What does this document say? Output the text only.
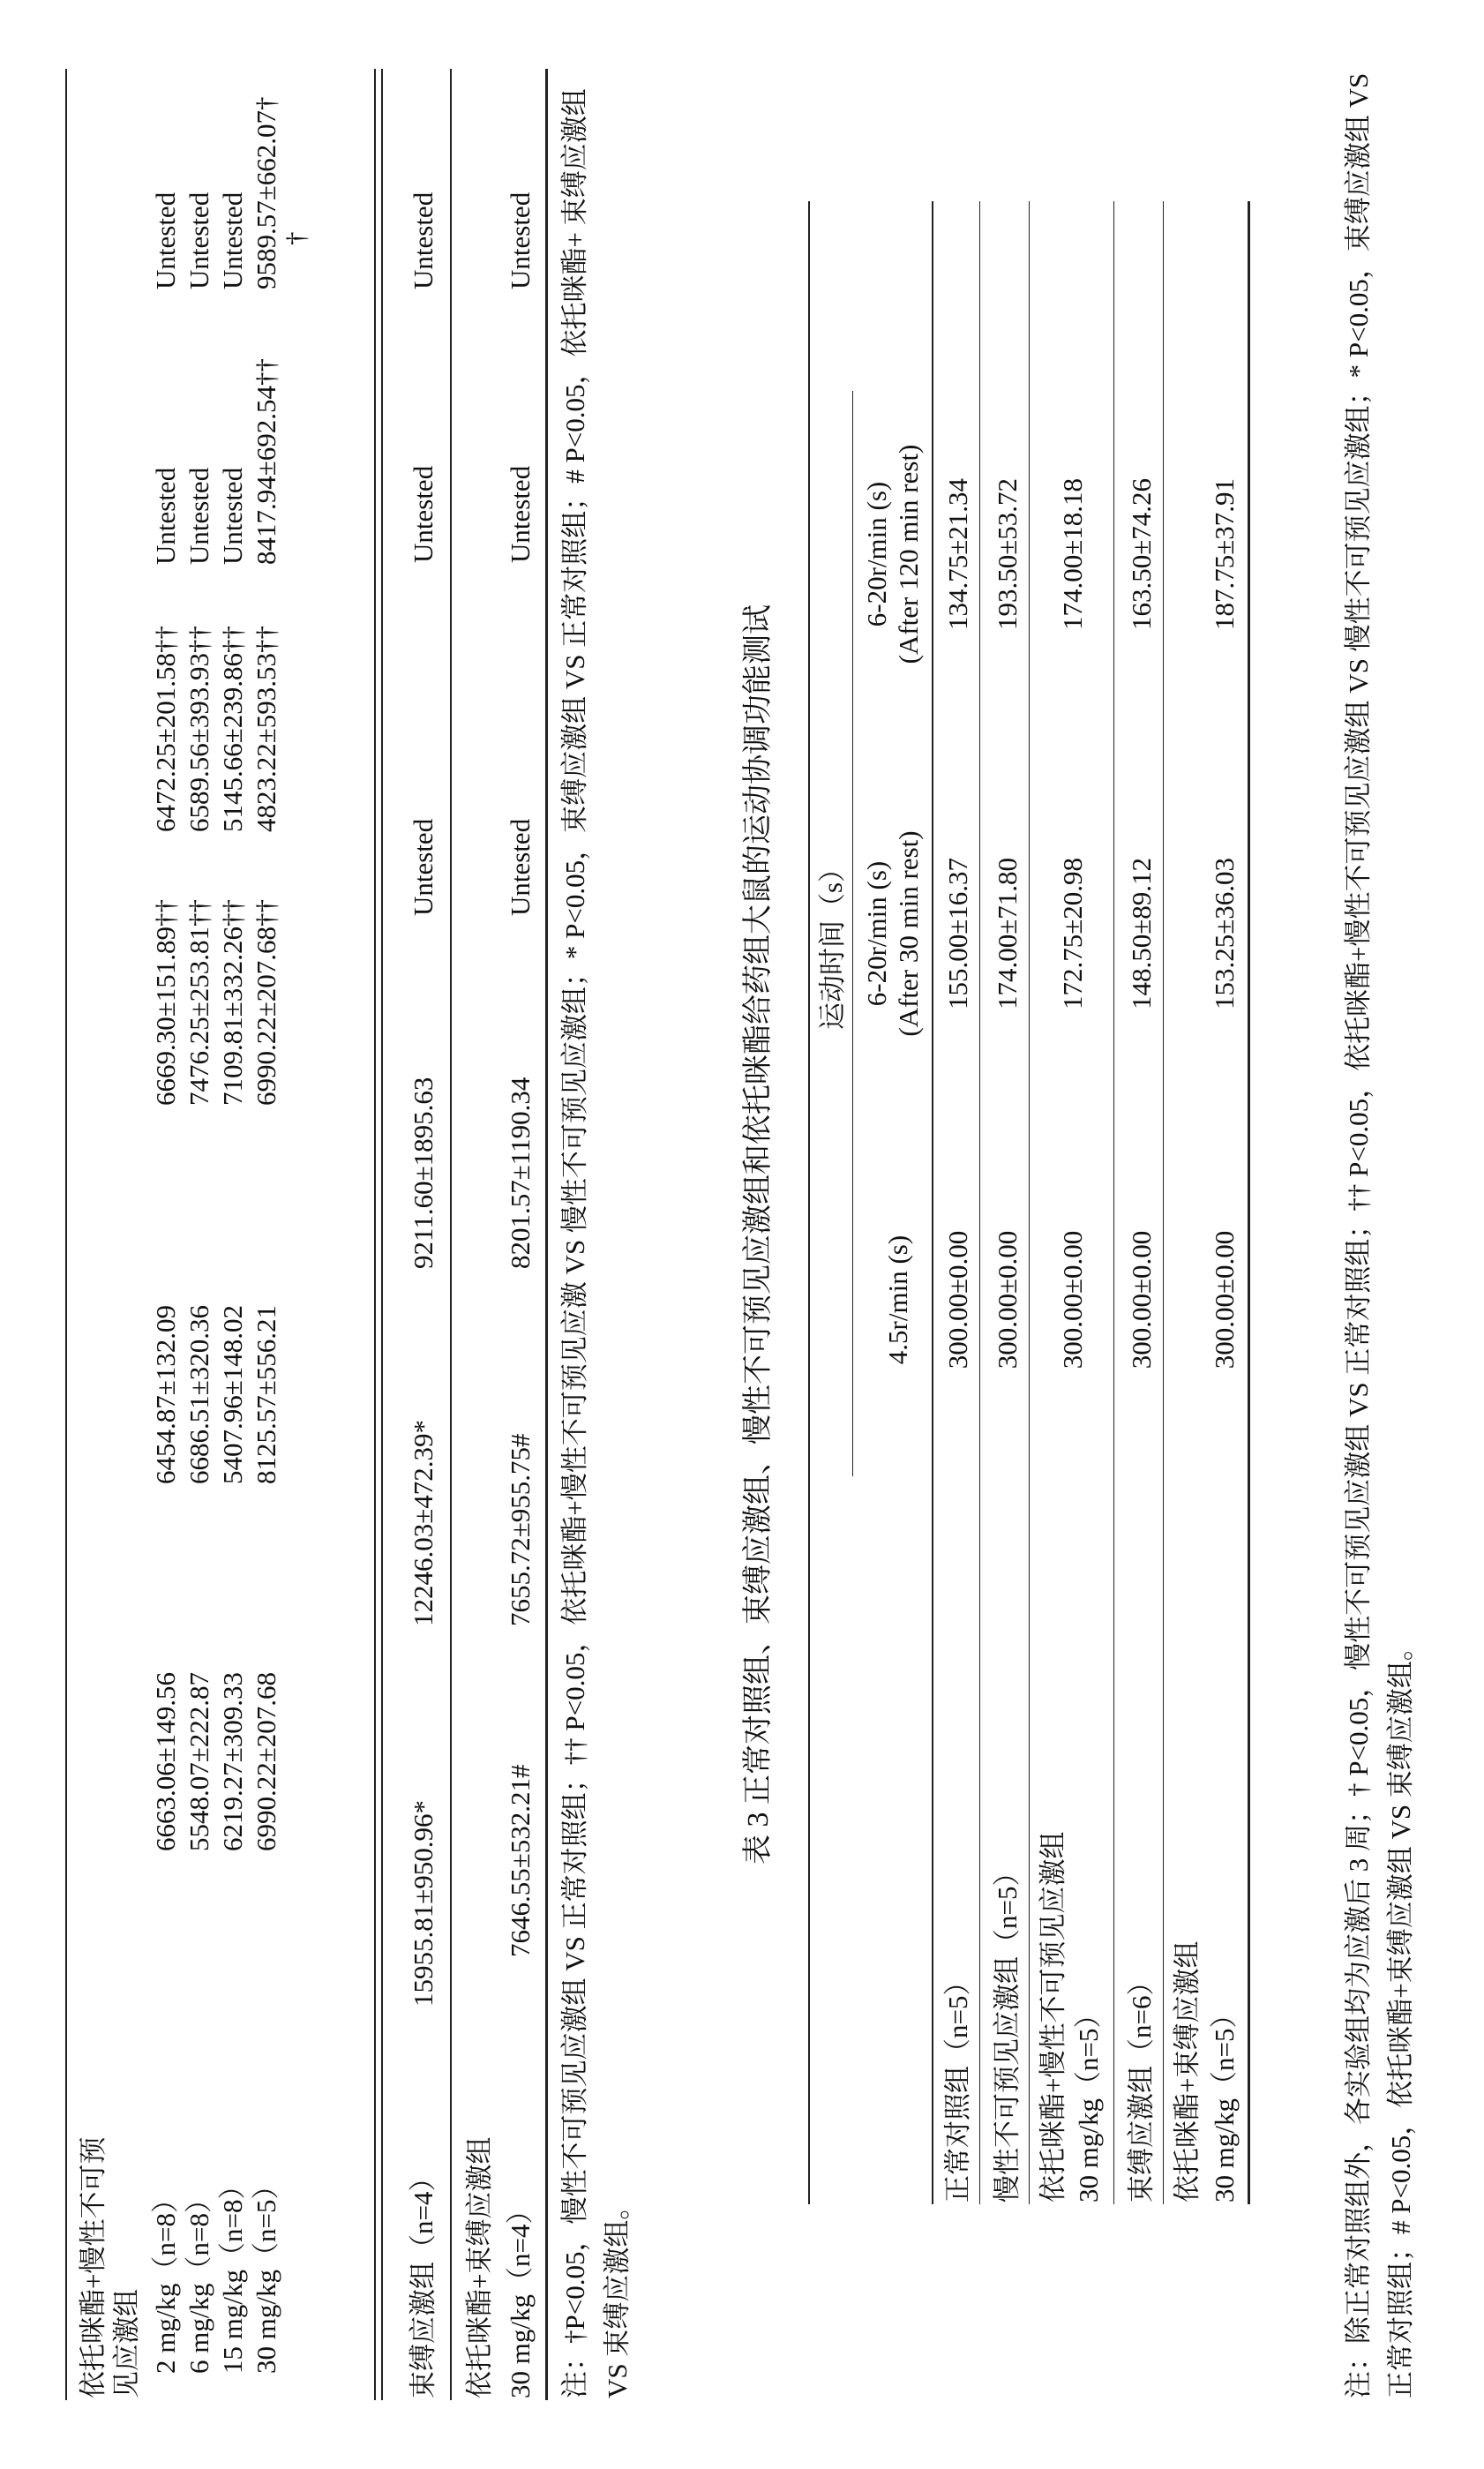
依托咪酯+慢性不可预 见应激组 2 mg/kg（n=8）
6663.06±149.56
6454.87±132.09
6669.30±151.89††
6472.25±201.58††
Untested
Untested
6 mg/kg（n=8）
5548.07±222.87
6686.51±320.36
7476.25±253.81††
6589.56±393.93††
Untested
Untested
15 mg/kg（n=8）
6219.27±309.33
5407.96±148.02
7109.81±332.26††
5145.66±239.86††
Untested
Untested
30 mg/kg（n=5）
6990.22±207.68
8125.57±556.21
6990.22±207.68††
4823.22±593.53††
8417.94±692.54††
9589.57±662.07† †
束缚应激组（n=4）
15955.81±950.96*
12246.03±472.39*
9211.60±1895.63
Untested
Untested
Untested
依托咪酯+束缚应激组 30 mg/kg（n=4）
7646.55±532.21#
7655.72±955.75#
8201.57±1190.34
Untested
Untested
Untested 注：†P<0.05，慢性不可预见应激组 VS 正常对照组；†† P<0.05，依托咪酯+慢性不可预见应激 VS 慢性不可预见应激组；* P<0.05，束缚应激组 VS 正常对照组；# P<0.05，依托咪酯+ 束缚应激组 VS 束缚应激组。
表 3 正常对照组、束缚应激组、慢性不可预见应激组和依托咪酯给药组大鼠的运动协调功能测试 运动时间（s）
4.5r/min (s)
6-20r/min (s) (After 30 min rest)
6-20r/min (s) (After 120 min rest)
正常对照组（n=5）
300.00±0.00
155.00±16.37
134.75±21.34
慢性不可预见应激组（n=5）
300.00±0.00
174.00±71.80
193.50±53.72
依托咪酯+慢性不可预见应激组 30 mg/kg（n=5）
300.00±0.00
172.75±20.98
174.00±18.18
束缚应激组（n=6）
300.00±0.00
148.50±89.12
163.50±74.26
依托咪酯+束缚应激组 30 mg/kg（n=5）
300.00±0.00
153.25±36.03
187.75±37.91	注：除正常对照组外，各实验组均为应激后 3 周；† P<0.05，慢性不可预见应激组 VS 正常对照组；†† P<0.05，依托咪酯+慢性不可预见应激组 VS 慢性不可预见应激组；* P<0.05，束缚应激组 VS 正常对照组；# P<0.05，依托咪酯+束缚应激组 VS 束缚应激组。
